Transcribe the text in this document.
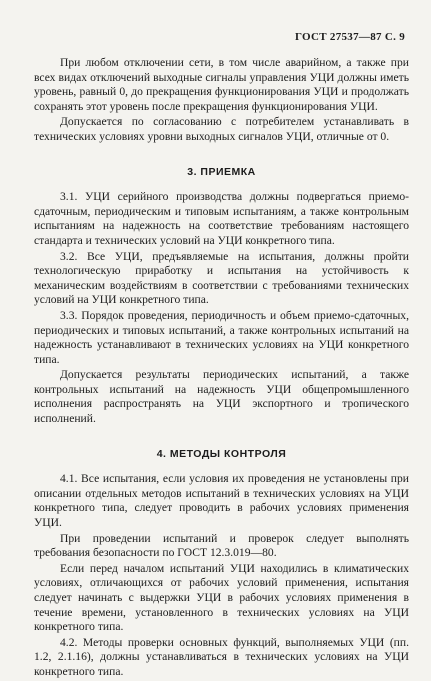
ГОСТ 27537—87 С. 9

При любом отключении сети, в том числе аварийном, а также при всех видах отключений выходные сигналы управления УЦИ должны иметь уровень, равный 0, до прекращения функционирования УЦИ и продолжать сохранять этот уровень после прекращения функционирования УЦИ.

Допускается по согласованию с потребителем устанавливать в технических условиях уровни выходных сигналов УЦИ, отличные от 0.

3. ПРИЕМКА

3.1. УЦИ серийного производства должны подвергаться приемо-сдаточным, периодическим и типовым испытаниям, а также контрольным испытаниям на надежность на соответствие требованиям настоящего стандарта и технических условий на УЦИ конкретного типа.

3.2. Все УЦИ, предъявляемые на испытания, должны пройти технологическую приработку и испытания на устойчивость к механическим воздействиям в соответствии с требованиями технических условий на УЦИ конкретного типа.

3.3. Порядок проведения, периодичность и объем приемо-сдаточных, периодических и типовых испытаний, а также контрольных испытаний на надежность устанавливают в технических условиях на УЦИ конкретного типа.

Допускается результаты периодических испытаний, а также контрольных испытаний на надежность УЦИ общепромышленного исполнения распространять на УЦИ экспортного и тропического исполнений.

4. МЕТОДЫ КОНТРОЛЯ

4.1. Все испытания, если условия их проведения не установлены при описании отдельных методов испытаний в технических условиях на УЦИ конкретного типа, следует проводить в рабочих условиях применения УЦИ.

При проведении испытаний и проверок следует выполнять требования безопасности по ГОСТ 12.3.019—80.

Если перед началом испытаний УЦИ находились в климатических условиях, отличающихся от рабочих условий применения, испытания следует начинать с выдержки УЦИ в рабочих условиях применения в течение времени, установленного в технических условиях на УЦИ конкретного типа.

4.2. Методы проверки основных функций, выполняемых УЦИ (пп. 1.2, 2.1.16), должны устанавливаться в технических условиях на УЦИ конкретного типа.
